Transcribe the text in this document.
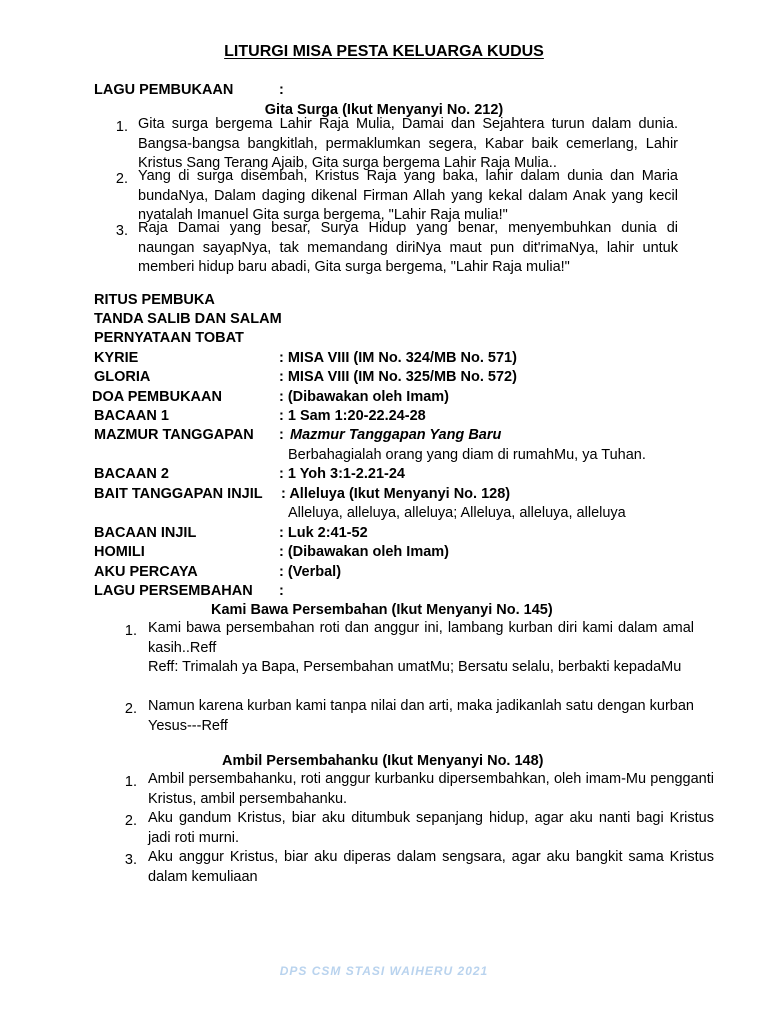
LITURGI MISA PESTA KELUARGA KUDUS
LAGU PEMBUKAAN	:
Gita Surga (Ikut Menyanyi No. 212)
1. Gita surga bergema Lahir Raja Mulia, Damai dan Sejahtera turun dalam dunia. Bangsa-bangsa bangkitlah, permaklumkan segera, Kabar baik cemerlang, Lahir Kristus Sang Terang Ajaib, Gita surga bergema Lahir Raja Mulia..
2. Yang di surga disembah, Kristus Raja yang baka, lahir dalam dunia dan Maria bundaNya, Dalam daging dikenal Firman Allah yang kekal dalam Anak yang kecil nyatalah Imanuel Gita surga bergema, "Lahir Raja mulia!"
3. Raja Damai yang besar, Surya Hidup yang benar, menyembuhkan dunia di naungan sayapNya, tak memandang diriNya maut pun dit'rimaNya, lahir untuk memberi hidup baru abadi, Gita surga bergema, "Lahir Raja mulia!"
RITUS PEMBUKA
TANDA SALIB DAN SALAM
PERNYATAAN TOBAT
KYRIE	: MISA VIII (IM No. 324/MB No. 571)
GLORIA	: MISA VIII (IM No. 325/MB No. 572)
DOA PEMBUKAAN	: (Dibawakan oleh Imam)
BACAAN 1	: 1 Sam 1:20-22.24-28
MAZMUR TANGGAPAN : Mazmur Tanggapan Yang Baru
Berbahagialah orang yang diam di rumahMu, ya Tuhan.
BACAAN 2	: 1 Yoh 3:1-2.21-24
BAIT TANGGAPAN INJIL : Alleluya (Ikut Menyanyi No. 128)
Alleluya, alleluya, alleluya; Alleluya, alleluya, alleluya
BACAAN INJIL	: Luk 2:41-52
HOMILI	: (Dibawakan oleh Imam)
AKU PERCAYA	: (Verbal)
LAGU PERSEMBAHAN :
Kami Bawa Persembahan (Ikut Menyanyi No. 145)
1. Kami bawa persembahan roti dan anggur ini, lambang kurban diri kami dalam amal kasih..Reff
Reff: Trimalah ya Bapa, Persembahan umatMu; Bersatu selalu, berbakti kepadaMu
2. Namun karena kurban kami tanpa nilai dan arti, maka jadikanlah satu dengan kurban Yesus---Reff
Ambil Persembahanku (Ikut Menyanyi No. 148)
1. Ambil persembahanku, roti anggur kurbanku dipersembahkan, oleh imam-Mu pengganti Kristus, ambil persembahanku.
2. Aku gandum Kristus, biar aku ditumbuk sepanjang hidup, agar aku nanti bagi Kristus jadi roti murni.
3. Aku anggur Kristus, biar aku diperas dalam sengsara, agar aku bangkit sama Kristus dalam kemuliaan
DPS CSM STASI WAIHERU 2021
